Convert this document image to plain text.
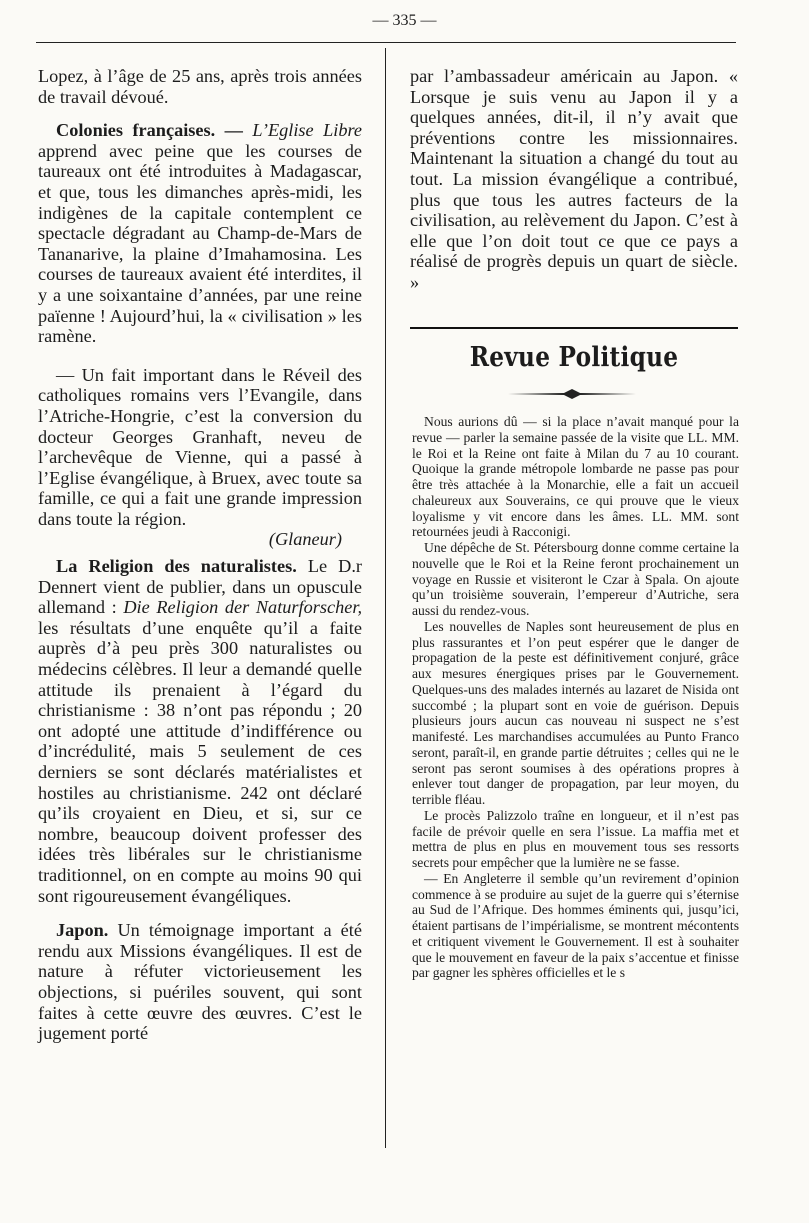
— 335 —

Lopez, à l’âge de 25 ans, après trois années de travail dévoué.

Colonies françaises. — L’Eglise Libre apprend avec peine que les courses de taureaux ont été introduites à Madagascar, et que, tous les dimanches après-midi, les indigènes de la capitale contemplent ce spectacle dégradant au Champ-de-Mars de Tananarive, la plaine d’Imahamosina. Les courses de taureaux avaient été interdites, il y a une soixantaine d’années, par une reine païenne ! Aujourd’hui, la « civilisation » les ramène.

— Un fait important dans le Réveil des catholiques romains vers l’Evangile, dans l’Atriche-Hongrie, c’est la conversion du docteur Georges Granhaft, neveu de l’archevêque de Vienne, qui a passé à l’Eglise évangélique, à Bruex, avec toute sa famille, ce qui a fait une grande impression dans toute la région.

(Glaneur)

La Religion des naturalistes. Le D.r Dennert vient de publier, dans un opuscule allemand : Die Religion der Naturforscher, les résultats d’une enquête qu’il a faite auprès d’à peu près 300 naturalistes ou médecins célèbres. Il leur a demandé quelle attitude ils prenaient à l’égard du christianisme : 38 n’ont pas répondu ; 20 ont adopté une attitude d’indifférence ou d’incrédulité, mais 5 seulement de ces derniers se sont déclarés matérialistes et hostiles au christianisme. 242 ont déclaré qu’ils croyaient en Dieu, et si, sur ce nombre, beaucoup doivent professer des idées très libérales sur le christianisme traditionnel, on en compte au moins 90 qui sont rigoureusement évangéliques.

Japon. Un témoignage important a été rendu aux Missions évangéliques. Il est de nature à réfuter victorieusement les objections, si puériles souvent, qui sont faites à cette œuvre des œuvres. C’est le jugement porté

par l’ambassadeur américain au Japon. « Lorsque je suis venu au Japon il y a quelques années, dit-il, il n’y avait que préventions contre les missionnaires. Maintenant la situation a changé du tout au tout. La mission évangélique a contribué, plus que tous les autres facteurs de la civilisation, au relèvement du Japon. C’est à elle que l’on doit tout ce que ce pays a réalisé de progrès depuis un quart de siècle. »

Revue Politique

Nous aurions dû — si la place n’avait manqué pour la revue — parler la semaine passée de la visite que LL. MM. le Roi et la Reine ont faite à Milan du 7 au 10 courant. Quoique la grande métropole lombarde ne passe pas pour être très attachée à la Monarchie, elle a fait un accueil chaleureux aux Souverains, ce qui prouve que le vieux loyalisme y vit encore dans les âmes. LL. MM. sont retournées jeudi à Racconigi.

Une dépêche de St. Pétersbourg donne comme certaine la nouvelle que le Roi et la Reine feront prochainement un voyage en Russie et visiteront le Czar à Spala. On ajoute qu’un troisième souverain, l’empereur d’Autriche, sera aussi du rendez-vous.

Les nouvelles de Naples sont heureusement de plus en plus rassurantes et l’on peut espérer que le danger de propagation de la peste est définitivement conjuré, grâce aux mesures énergiques prises par le Gouvernement. Quelques-uns des malades internés au lazaret de Nisida ont succombé ; la plupart sont en voie de guérison. Depuis plusieurs jours aucun cas nouveau ni suspect ne s’est manifesté. Les marchandises accumulées au Punto Franco seront, paraît-il, en grande partie détruites ; celles qui ne le seront pas seront soumises à des opérations propres à enlever tout danger de propagation, par leur moyen, du terrible fléau.

Le procès Palizzolo traîne en longueur, et il n’est pas facile de prévoir quelle en sera l’issue. La maffia met et mettra de plus en plus en mouvement tous ses ressorts secrets pour empêcher que la lumière ne se fasse.

— En Angleterre il semble qu’un revirement d’opinion commence à se produire au sujet de la guerre qui s’éternise au Sud de l’Afrique. Des hommes éminents qui, jusqu’ici, étaient partisans de l’impérialisme, se montrent mécontents et critiquent vivement le Gouvernement. Il est à souhaiter que le mouvement en faveur de la paix s’accentue et finisse par gagner les sphères officielles et le s
